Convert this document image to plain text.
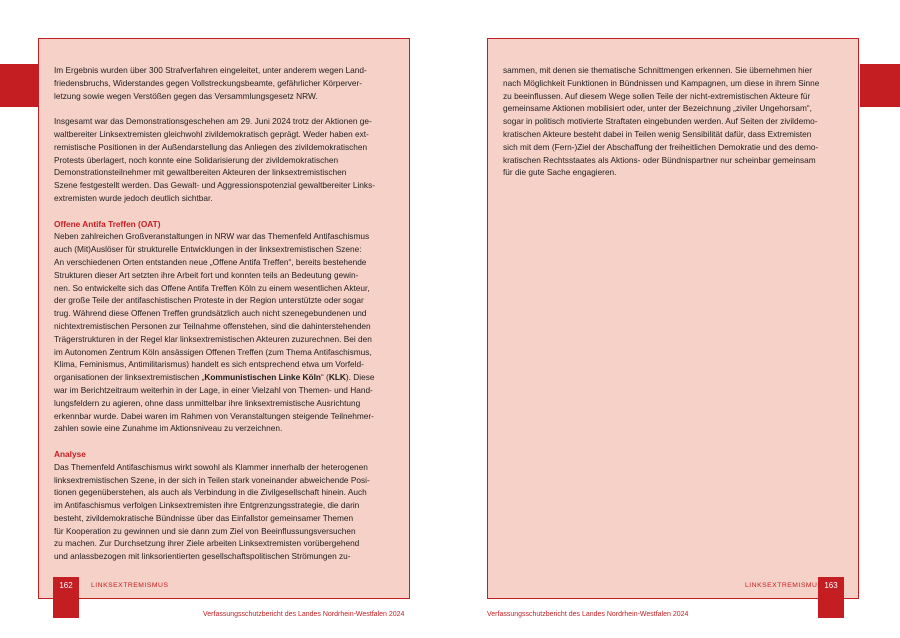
Im Ergebnis wurden über 300 Strafverfahren eingeleitet, unter anderem wegen Land-
friedensbruchs, Widerstandes gegen Vollstreckungsbeamte, gefährlicher Körperver-
letzung sowie wegen Verstößen gegen das Versammlungsgesetz NRW.

Insgesamt war das Demonstrationsgeschehen am 29. Juni 2024 trotz der Aktionen ge-
waltbereiter Linksextremisten gleichwohl zivildemokratisch geprägt. Weder haben ext-
remistische Positionen in der Außendarstellung das Anliegen des zivildemokratischen
Protests überlagert, noch konnte eine Solidarisierung der zivildemokratischen
Demonstrationsteilnehmer mit gewaltbereiten Akteuren der linksextremistischen
Szene festgestellt werden. Das Gewalt- und Aggressionspotenzial gewaltbereiter Links-
extremisten wurde jedoch deutlich sichtbar.

Offene Antifa Treffen (OAT)

Neben zahlreichen Großveranstaltungen in NRW war das Themenfeld Antifaschismus
auch (Mit)Auslöser für strukturelle Entwicklungen in der linksextremistischen Szene:
An verschiedenen Orten entstanden neue „Offene Antifa Treffen“, bereits bestehende
Strukturen dieser Art setzten ihre Arbeit fort und konnten teils an Bedeutung gewin-
nen. So entwickelte sich das Offene Antifa Treffen Köln zu einem wesentlichen Akteur,
der große Teile der antifaschistischen Proteste in der Region unterstützte oder sogar
trug. Während diese Offenen Treffen grundsätzlich auch nicht szenegebundenen und
nichtextremistischen Personen zur Teilnahme offenstehen, sind die dahinterstehenden
Trägerstrukturen in der Regel klar linksextremistischen Akteuren zuzurechnen. Bei den
im Autonomen Zentrum Köln ansässigen Offenen Treffen (zum Thema Antifaschismus,
Klima, Feminismus, Antimilitarismus) handelt es sich entsprechend etwa um Vorfeld-
organisationen der linksextremistischen „Kommunistischen Linke Köln“ (KLK). Diese
war im Berichtzeitraum weiterhin in der Lage, in einer Vielzahl von Themen- und Hand-
lungsfeldern zu agieren, ohne dass unmittelbar ihre linksextremistische Ausrichtung
erkennbar wurde. Dabei waren im Rahmen von Veranstaltungen steigende Teilnehmer-
zahlen sowie eine Zunahme im Aktionsniveau zu verzeichnen.

Analyse

Das Themenfeld Antifaschismus wirkt sowohl als Klammer innerhalb der heterogenen
linksextremistischen Szene, in der sich in Teilen stark voneinander abweichende Posi-
tionen gegenüberstehen, als auch als Verbindung in die Zivilgesellschaft hinein. Auch
im Antifaschismus verfolgen Linksextremisten ihre Entgrenzungsstrategie, die darin
besteht, zivildemokratische Bündnisse über das Einfallstor gemeinsamer Themen
für Kooperation zu gewinnen und sie dann zum Ziel von Beeinflussungsversuchen
zu machen. Zur Durchsetzung ihrer Ziele arbeiten Linksextremisten vorübergehend
und anlassbezogen mit linksorientierten gesellschaftspolitischen Strömungen zu-

sammen, mit denen sie thematische Schnittmengen erkennen. Sie übernehmen hier
nach Möglichkeit Funktionen in Bündnissen und Kampagnen, um diese in ihrem Sinne
zu beeinflussen. Auf diesem Wege sollen Teile der nicht-extremistischen Akteure für
gemeinsame Aktionen mobilisiert oder, unter der Bezeichnung „ziviler Ungehorsam“,
sogar in politisch motivierte Straftaten eingebunden werden. Auf Seiten der zivildemo-
kratischen Akteure besteht dabei in Teilen wenig Sensibilität dafür, dass Extremisten
sich mit dem (Fern-)Ziel der Abschaffung der freiheitlichen Demokratie und des demo-
kratischen Rechtsstaates als Aktions- oder Bündnispartner nur scheinbar gemeinsam
für die gute Sache engagieren.

162	LINKSEXTREMISMUS
Verfassungsschutzbericht des Landes Nordrhein-Westfalen 2024
163
LINKSEXTREMISMUS
Verfassungsschutzbericht des Landes Nordrhein-Westfalen 2024
